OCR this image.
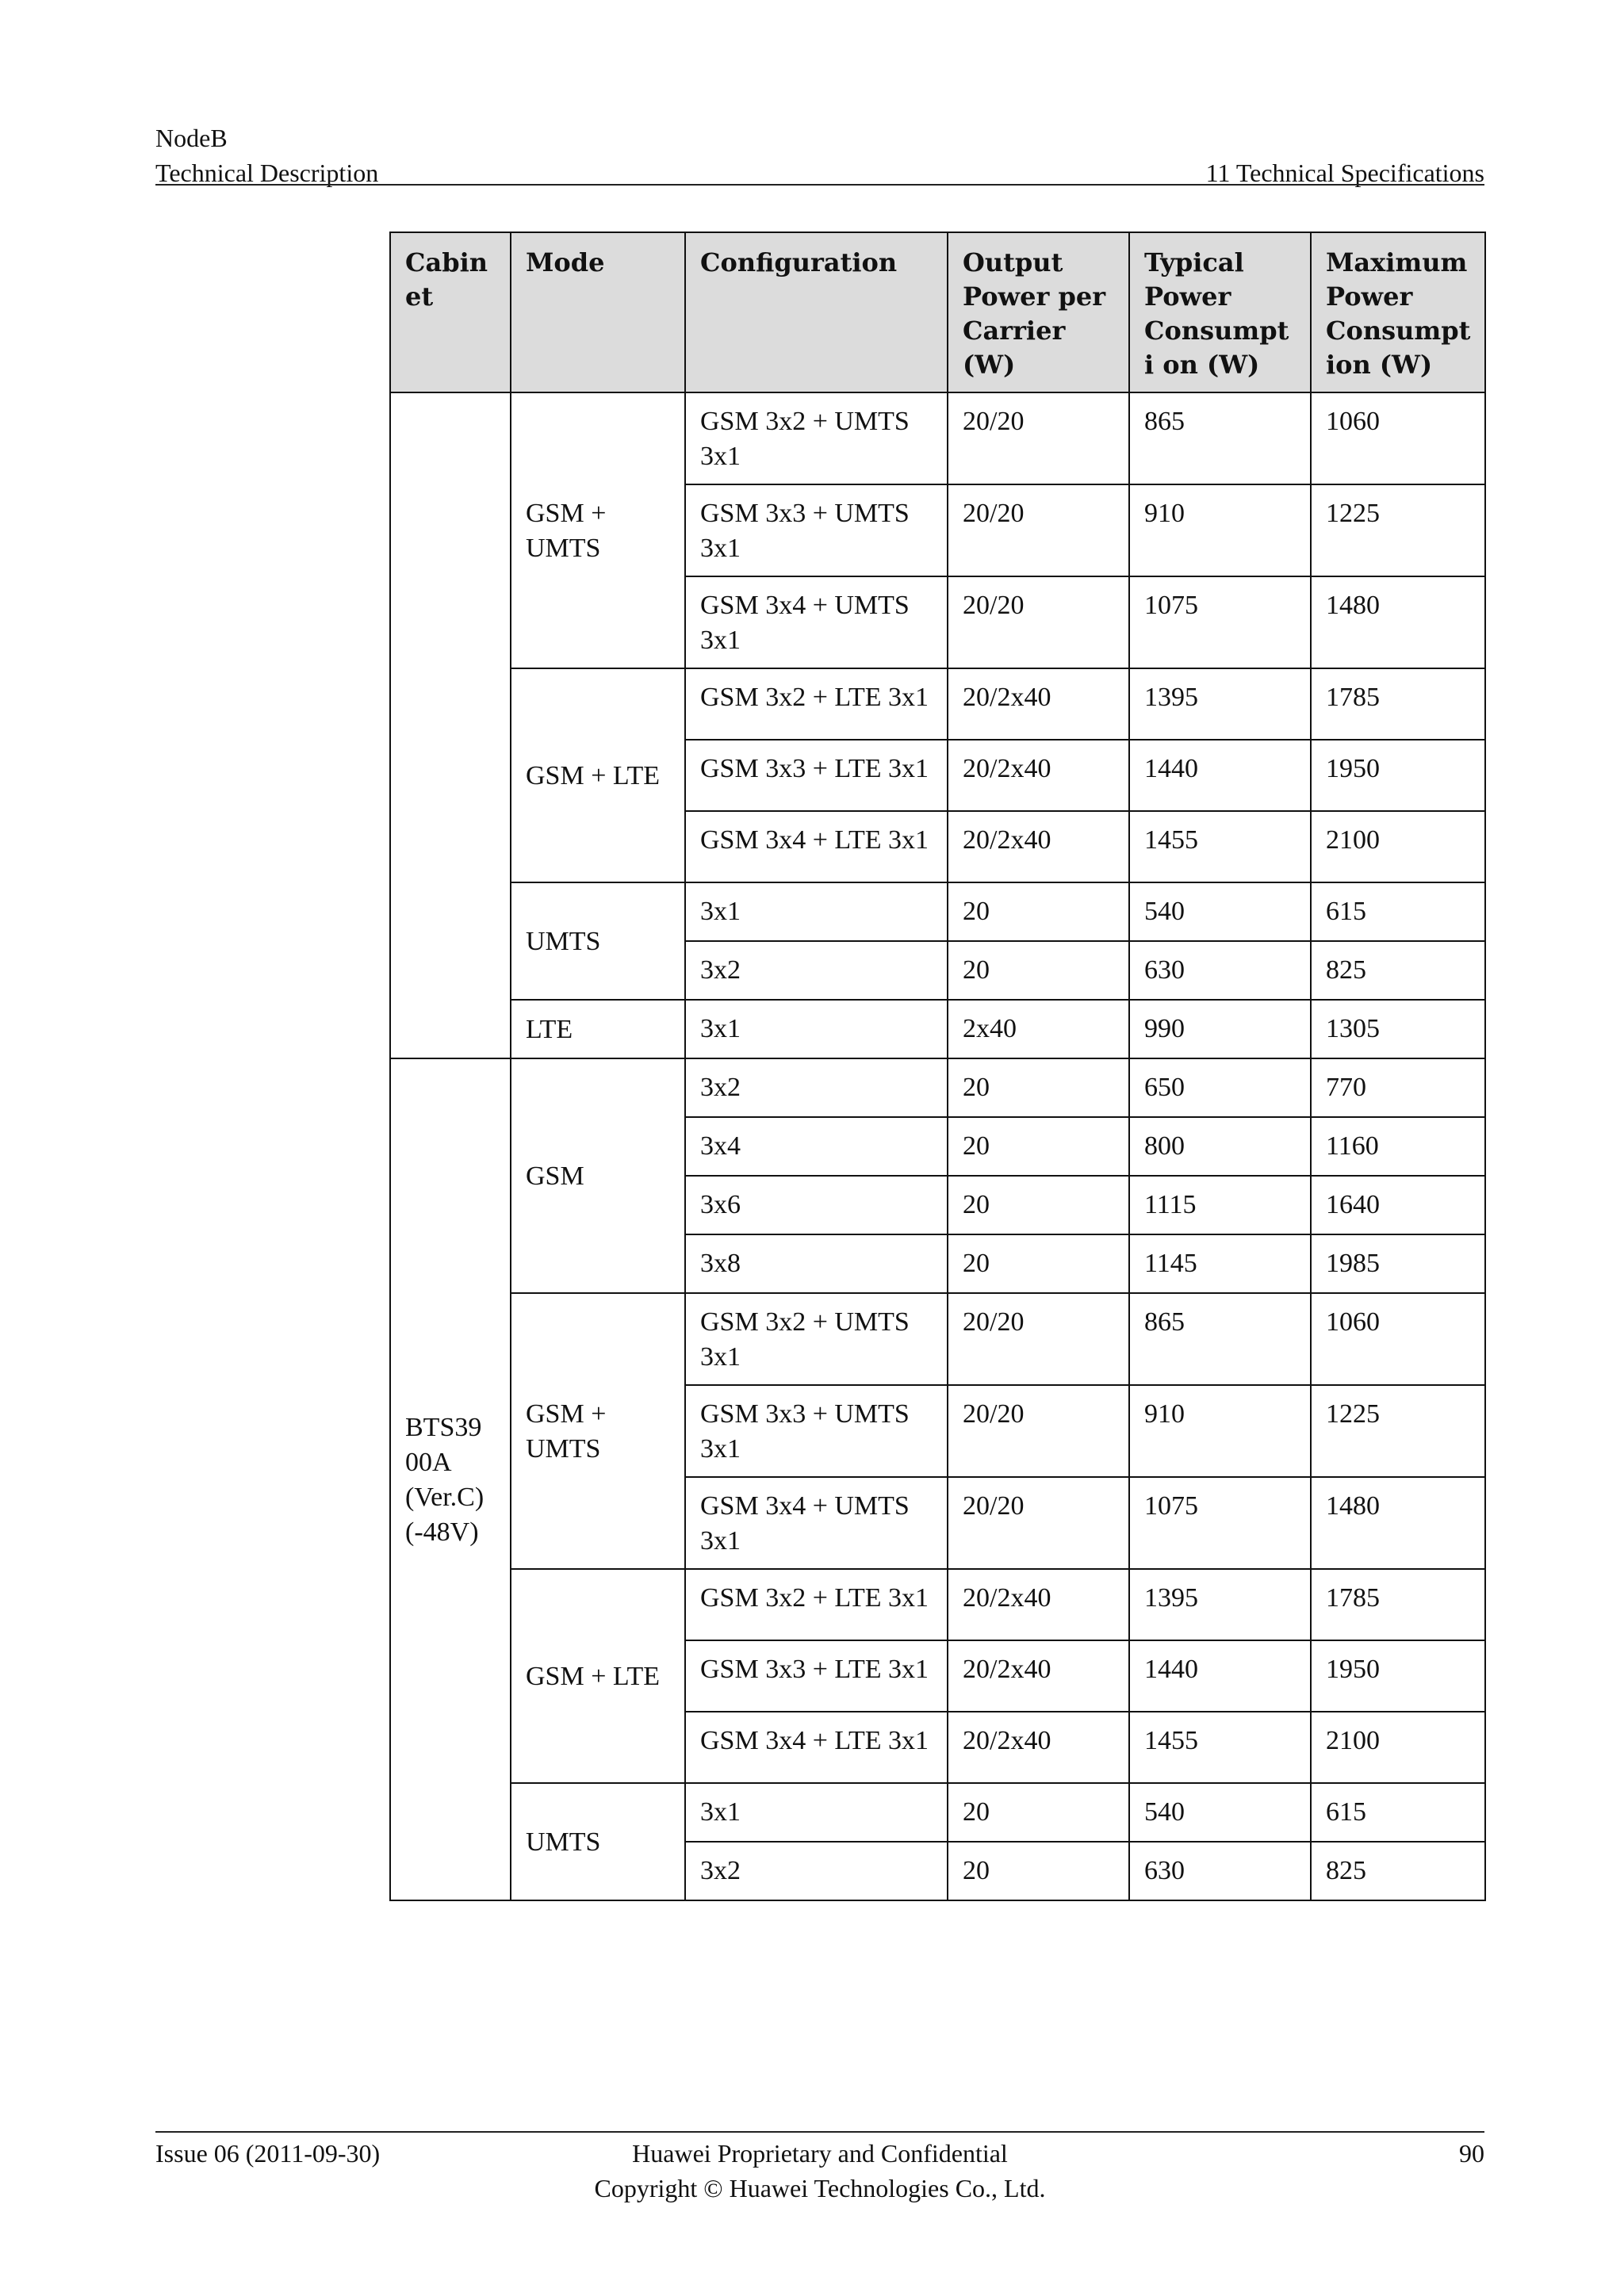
NodeB
Technical Description	11 Technical Specifications
Cabin et	Mode	Configuration	Output Power per Carrier (W)	Typical Power Consumpti on (W)	Maximum Power Consumpt ion (W)
	GSM + UMTS	GSM 3x2 + UMTS 3x1	20/20	865	1060
		GSM 3x3 + UMTS 3x1	20/20	910	1225
		GSM 3x4 + UMTS 3x1	20/20	1075	1480
	GSM + LTE	GSM 3x2 + LTE 3x1	20/2x40	1395	1785
		GSM 3x3 + LTE 3x1	20/2x40	1440	1950
		GSM 3x4 + LTE 3x1	20/2x40	1455	2100
	UMTS	3x1	20	540	615
		3x2	20	630	825
	LTE	3x1	2x40	990	1305
BTS39 00A (Ver.C) (-48V)	GSM	3x2	20	650	770
		3x4	20	800	1160
		3x6	20	1115	1640
		3x8	20	1145	1985
	GSM + UMTS	GSM 3x2 + UMTS 3x1	20/20	865	1060
		GSM 3x3 + UMTS 3x1	20/20	910	1225
		GSM 3x4 + UMTS 3x1	20/20	1075	1480
	GSM + LTE	GSM 3x2 + LTE 3x1	20/2x40	1395	1785
		GSM 3x3 + LTE 3x1	20/2x40	1440	1950
		GSM 3x4 + LTE 3x1	20/2x40	1455	2100
	UMTS	3x1	20	540	615
		3x2	20	630	825
Issue 06 (2011-09-30)	Huawei Proprietary and Confidential
Copyright © Huawei Technologies Co., Ltd.
90
